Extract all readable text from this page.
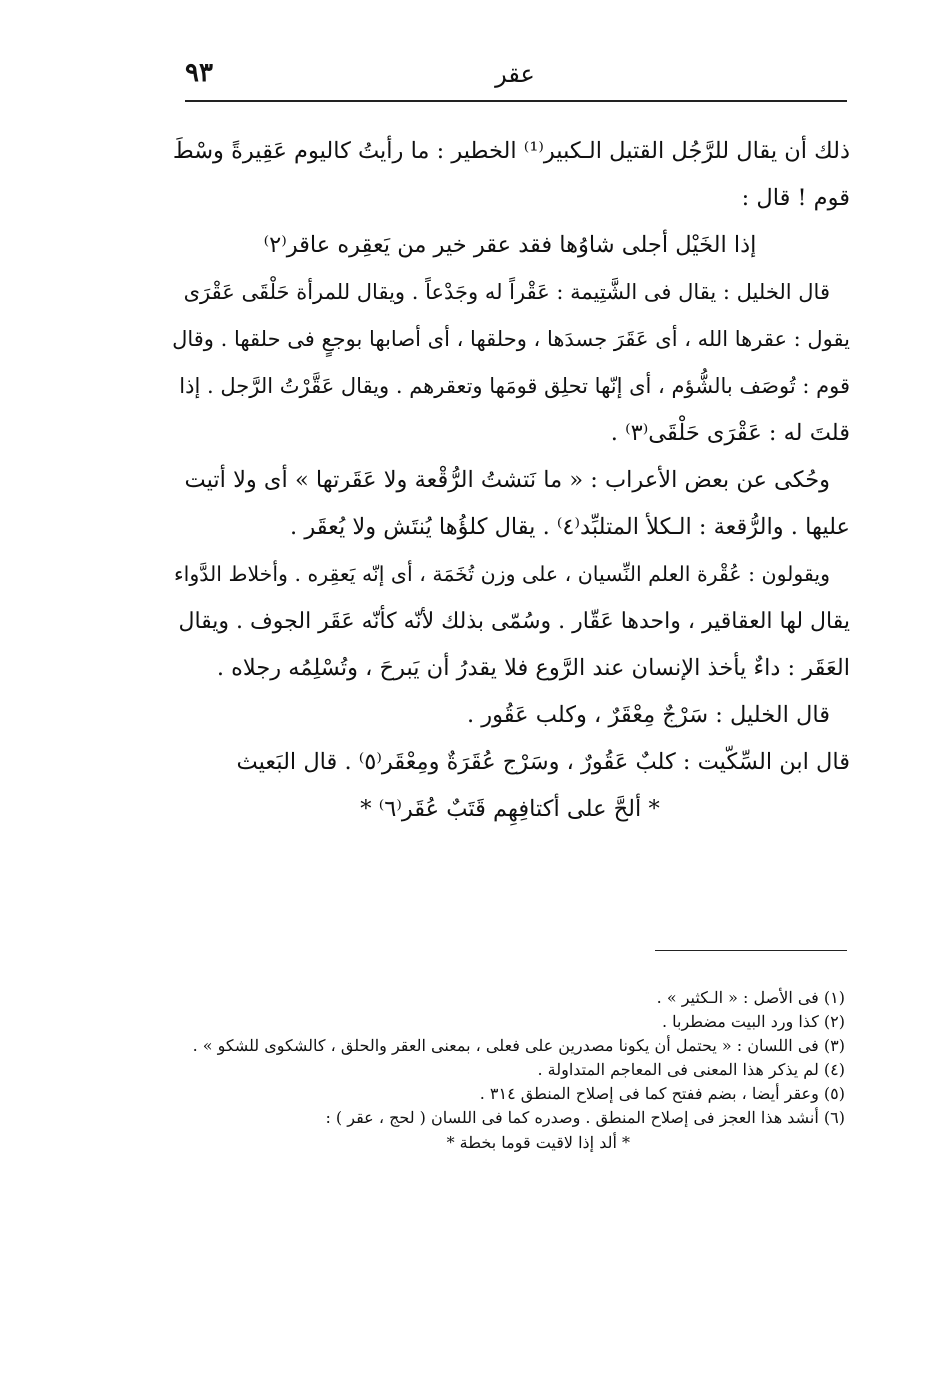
٩٣	عقر
ذلك أن يقال للرَّجُل القتيل الـكبير⁽¹⁾ الخطير : ما رأيتُ كاليوم عَقِيرةً وسْطَ
قوم ! قال :
إذا الخَيْل أجلى شاوُها فقد عقر خير من يَعقِره عاقر⁽٢⁾
قال الخليل : يقال فى الشَّتِيمة : عَقْراً له وجَدْعاً . ويقال للمرأة حَلْقَى عَقْرَى
يقول : عقرها الله ، أى عَقَرَ جسدَها ، وحلقها ، أى أصابها بوجعٍ فى حلقها . وقال
قوم : تُوصَف بالشُّؤم ، أى إنّها تحلِق قومَها وتعقرهم . ويقال عَقَّرْتُ الرَّجل . إذا
قلتَ له : عَقْرَى حَلْقَى⁽٣⁾ .
وحُكى عن بعض الأعراب : « ما نَتشتُ الرُّقْعة ولا عَقَرتها » أى ولا أتيت
عليها . والرُّقعة : الـكلأ المتلبِّد⁽٤⁾ . يقال كلؤُها يُنتَش ولا يُعقَر .
ويقولون : عُقْرة العلم النِّسيان ، على وزن تُخَمَة ، أى إنّه يَعقِره . وأخلاط الدَّواء
يقال لها العقاقير ، واحدها عَقّار . وسُمّى بذلك لأنّه كأنّه عَقَر الجوف . ويقال
العَقَر : داءٌ يأخذ الإنسان عند الرَّوع فلا يقدرُ أن يَبرحَ ، وتُسْلِمُه رجلاه .
قال الخليل : سَرْجٌ مِعْقَرٌ ، وكلب عَقُور .
قال ابن السِّكّيت : كلبٌ عَقُورٌ ، وسَرْج عُقَرَةٌ ومِعْقَر⁽٥⁾ . قال البَعيث
* ألحَّ على أكتافِهِم قَتَبٌ عُقَر⁽٦⁾ *
(١) فى الأصل : « الـكثير » .
(٢) كذا ورد البيت مضطربا .
(٣) فى اللسان : « يحتمل أن يكونا مصدرين على فعلى ، بمعنى العقر والحلق ، كالشكوى للشكو » .
(٤) لم يذكر هذا المعنى فى المعاجم المتداولة .
(٥) وعقر أيضا ، بضم ففتح كما فى إصلاح المنطق ٣١٤ .
(٦) أنشد هذا العجز فى إصلاح المنطق . وصدره كما فى اللسان ( لحج ، عقر ) :
* ألد إذا لاقيت قوما بخطة *
